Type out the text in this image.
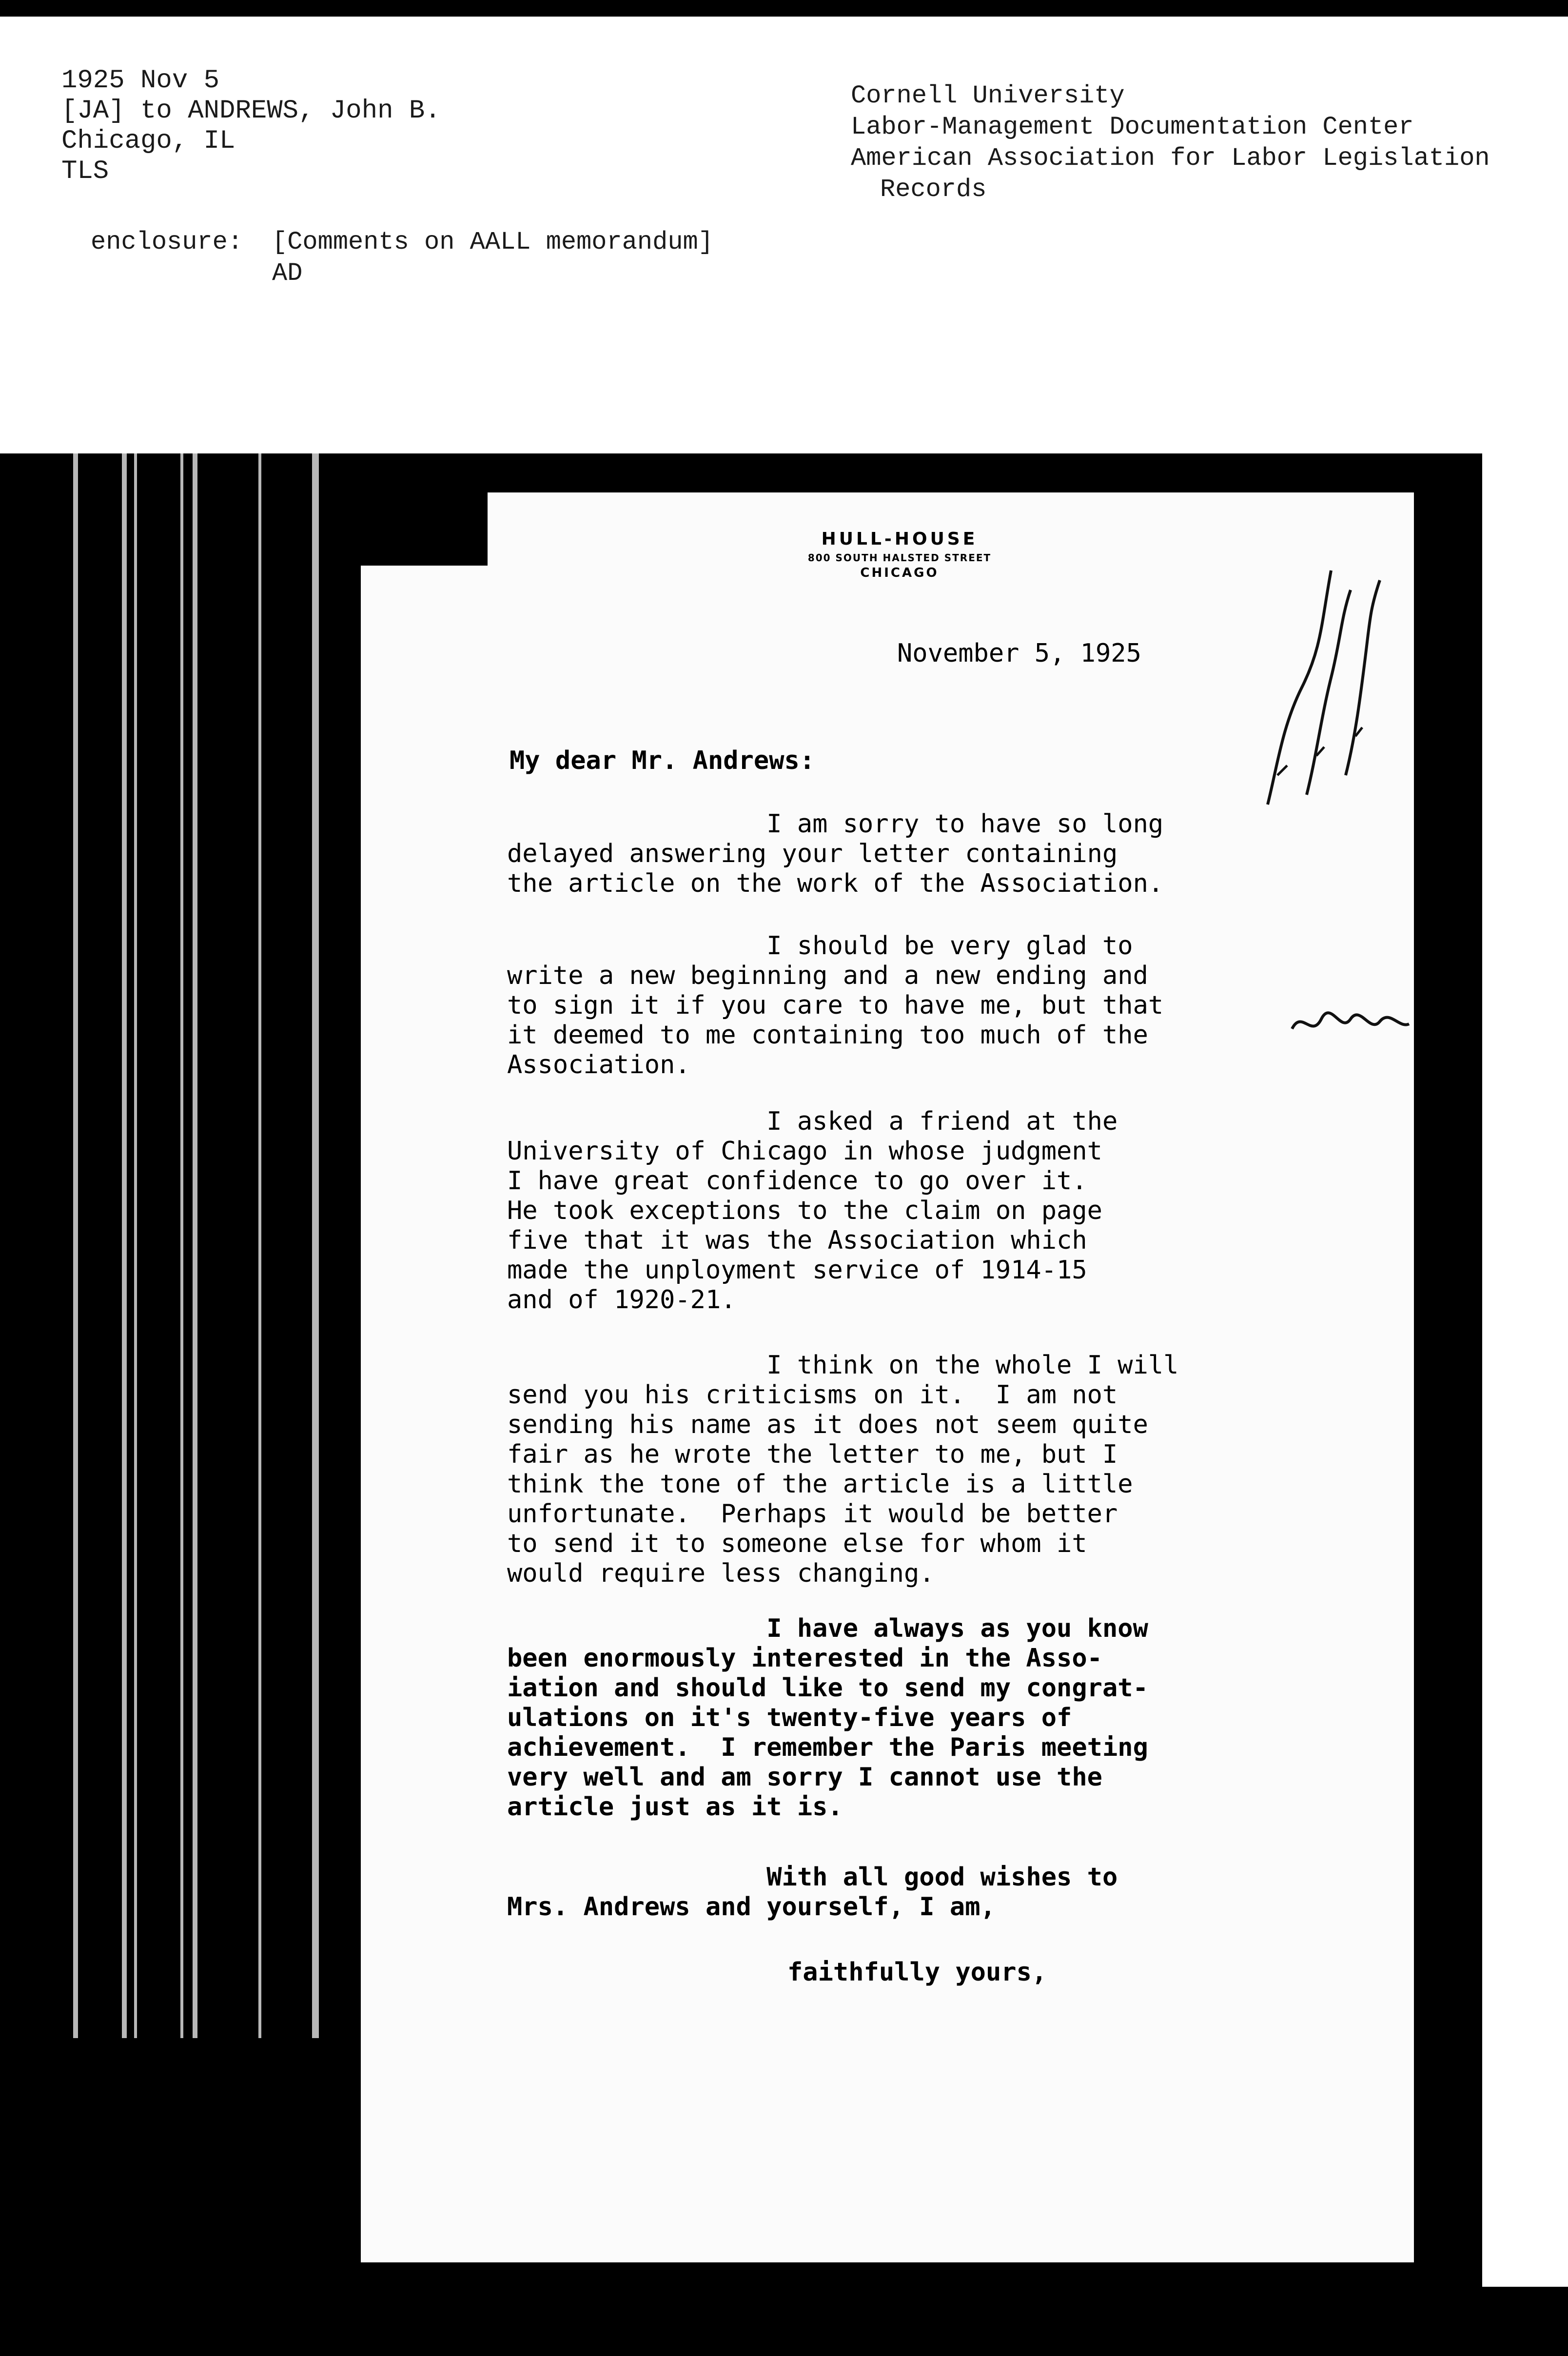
1925 Nov 5
[JA] to ANDREWS, John B.
Chicago, IL
TLS
Cornell University
Labor-Management Documentation Center
American Association for Labor Legislation

Records
enclosure: [Comments on AALL memorandum]
AD
HULL-HOUSE
800 SOUTH HALSTED STREET
CHICAGO
November 5, 1925
My dear Mr. Andrews:
I am sorry to have so long
delayed answering your letter containing
the article on the work of the Association.
I should be very glad to
write a new beginning and a new ending and
to sign it if you care to have me, but that
it deemed to me containing too much of the
Association.
I asked a friend at the
University of Chicago in whose judgment
I have great confidence to go over it.
He took exceptions to the claim on page
five that it was the Association which
made the unployment service of 1914-15
and of 1920-21.
I think on the whole I will
send you his criticisms on it.  I am not
sending his name as it does not seem quite
fair as he wrote the letter to me, but I
think the tone of the article is a little
unfortunate.  Perhaps it would be better
to send it to someone else for whom it
would require less changing.
I have always as you know
been enormously interested in the Asso-
iation and should like to send my congrat-
ulations on it's twenty-five years of
achievement.  I remember the Paris meeting
very well and am sorry I cannot use the
article just as it is.
With all good wishes to
Mrs. Andrews and yourself, I am,
faithfully yours,
